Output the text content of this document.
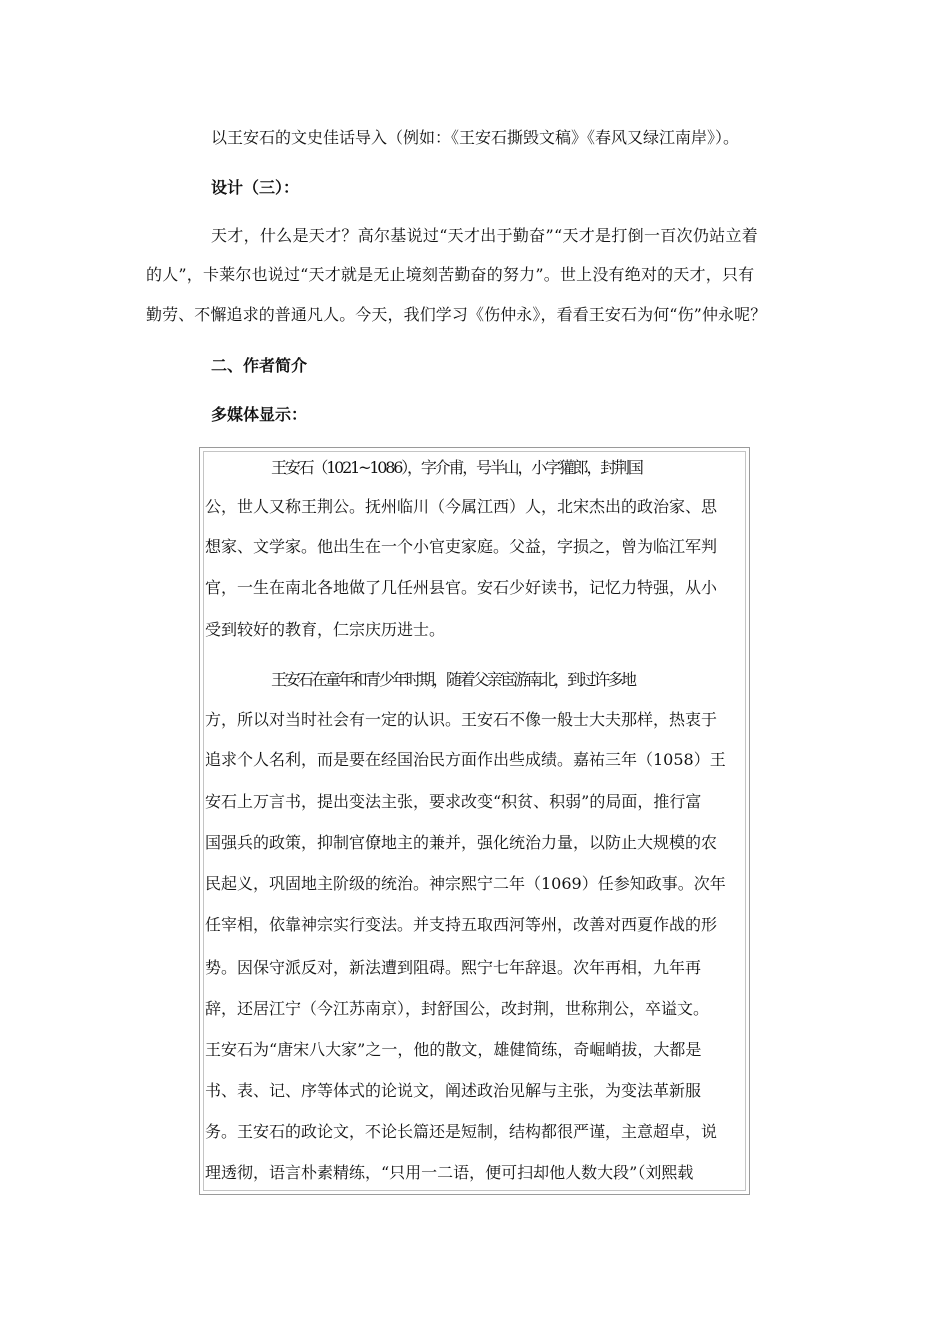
以王安石的文史佳话导入（例如：《王安石撕毁文稿》《春风又绿江南岸》）。
设计（三）：
天才，什么是天才？高尔基说过“天才出于勤奋”“天才是打倒一百次仍站立着
的人”，卡莱尔也说过“天才就是无止境刻苦勤奋的努力”。世上没有绝对的天才，只有
勤劳、不懈追求的普通凡人。今天，我们学习《伤仲永》，看看王安石为何“伤”仲永呢？
二、作者简介
多媒体显示：
王安石（1021~1086），字介甫，号半山，小字獾郎，封荆国
公，世人又称王荆公。抚州临川（今属江西）人，北宋杰出的政治家、思
想家、文学家。他出生在一个小官吏家庭。父益，字损之，曾为临江军判
官，一生在南北各地做了几任州县官。安石少好读书，记忆力特强，从小
受到较好的教育，仁宗庆历进士。
王安石在童年和青少年时期，随着父亲宦游南北，到过许多地
方，所以对当时社会有一定的认识。王安石不像一般士大夫那样，热衷于
追求个人名利，而是要在经国治民方面作出些成绩。嘉祐三年（1058）王
安石上万言书，提出变法主张，要求改变“积贫、积弱”的局面，推行富
国强兵的政策，抑制官僚地主的兼并，强化统治力量，以防止大规模的农
民起义，巩固地主阶级的统治。神宗熙宁二年（1069）任参知政事。次年
任宰相，依靠神宗实行变法。并支持五取西河等州，改善对西夏作战的形
势。因保守派反对，新法遭到阻碍。熙宁七年辞退。次年再相，九年再
辞，还居江宁（今江苏南京），封舒国公，改封荆，世称荆公，卒谥文。
王安石为“唐宋八大家”之一，他的散文，雄健简练，奇崛峭拔，大都是
书、表、记、序等体式的论说文，阐述政治见解与主张，为变法革新服
务。王安石的政论文，不论长篇还是短制，结构都很严谨，主意超卓，说
理透彻，语言朴素精练，“只用一二语，便可扫却他人数大段”（刘熙载
